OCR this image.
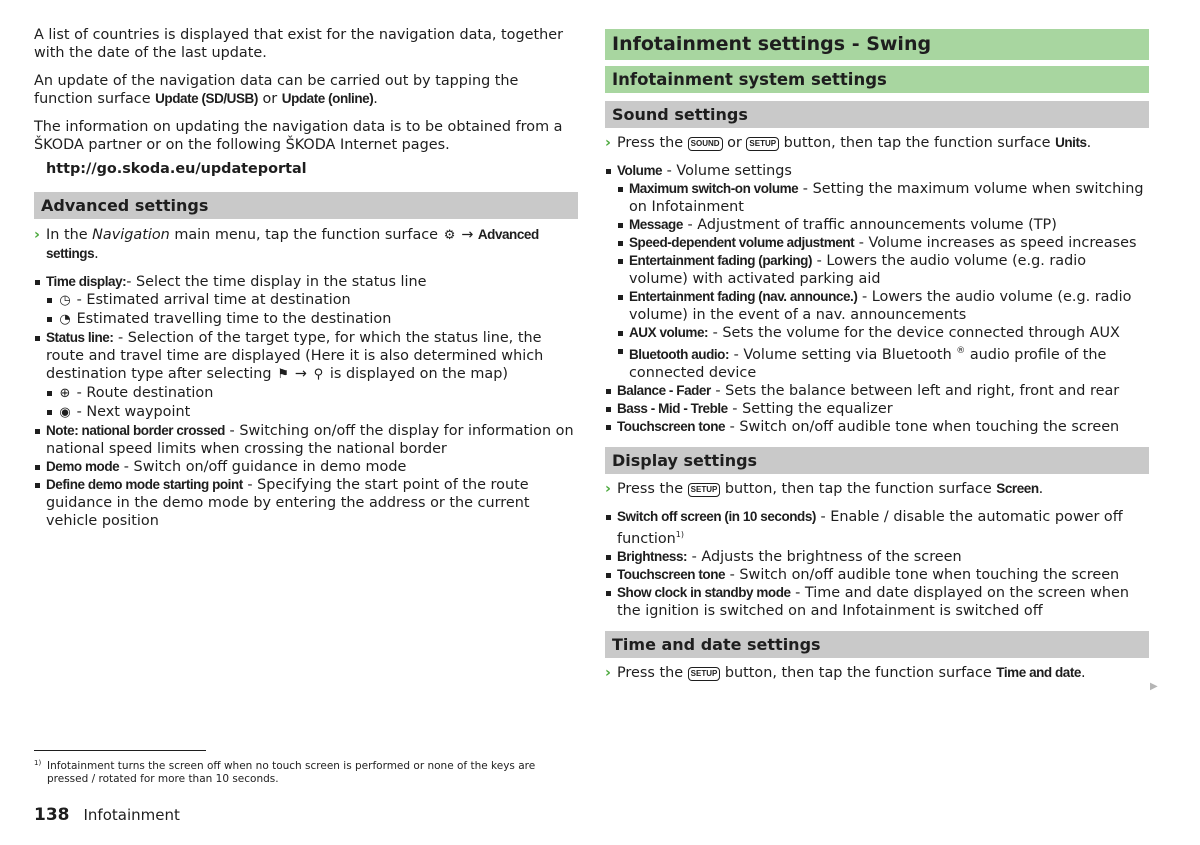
A list of countries is displayed that exist for the navigation data, together with the date of the last update.

An update of the navigation data can be carried out by tapping the function surface Update (SD/USB) or Update (online).

The information on updating the navigation data is to be obtained from a ŠKODA partner or on the following ŠKODA Internet pages.

http://go.skoda.eu/updateportal

Advanced settings
› In the Navigation main menu, tap the function surface ⚙ → Advanced settings.
Time display:- Select the time display in the status line
◷ - Estimated arrival time at destination
◔ Estimated travelling time to the destination
Status line: - Selection of the target type, for which the status line, the route and travel time are displayed (Here it is also determined which destination type after selecting ⚑ → ⚲ is displayed on the map)
⊕ - Route destination
◉ - Next waypoint
Note: national border crossed - Switching on/off the display for information on national speed limits when crossing the national border
Demo mode - Switch on/off guidance in demo mode
Define demo mode starting point - Specifying the start point of the route guidance in the demo mode by entering the address or the current vehicle position
Infotainment settings - Swing
Infotainment system settings
Sound settings
› Press the SOUND or SETUP button, then tap the function surface Units.
Volume - Volume settings
Maximum switch-on volume - Setting the maximum volume when switching on Infotainment
Message - Adjustment of traffic announcements volume (TP)
Speed-dependent volume adjustment - Volume increases as speed increases
Entertainment fading (parking) - Lowers the audio volume (e.g. radio volume) with activated parking aid
Entertainment fading (nav. announce.) - Lowers the audio volume (e.g. radio volume) in the event of a nav. announcements
AUX volume: - Sets the volume for the device connected through AUX
Bluetooth audio: - Volume setting via Bluetooth ® audio profile of the connected device
Balance - Fader - Sets the balance between left and right, front and rear
Bass - Mid - Treble - Setting the equalizer
Touchscreen tone - Switch on/off audible tone when touching the screen
Display settings
› Press the SETUP button, then tap the function surface Screen.
Switch off screen (in 10 seconds) - Enable / disable the automatic power off function$^{1)}$
Brightness: - Adjusts the brightness of the screen
Touchscreen tone - Switch on/off audible tone when touching the screen
Show clock in standby mode - Time and date displayed on the screen when the ignition is switched on and Infotainment is switched off
Time and date settings
› Press the SETUP button, then tap the function surface Time and date.
▶
1) Infotainment turns the screen off when no touch screen is performed or none of the keys are pressed / rotated for more than 10 seconds.
138 Infotainment
